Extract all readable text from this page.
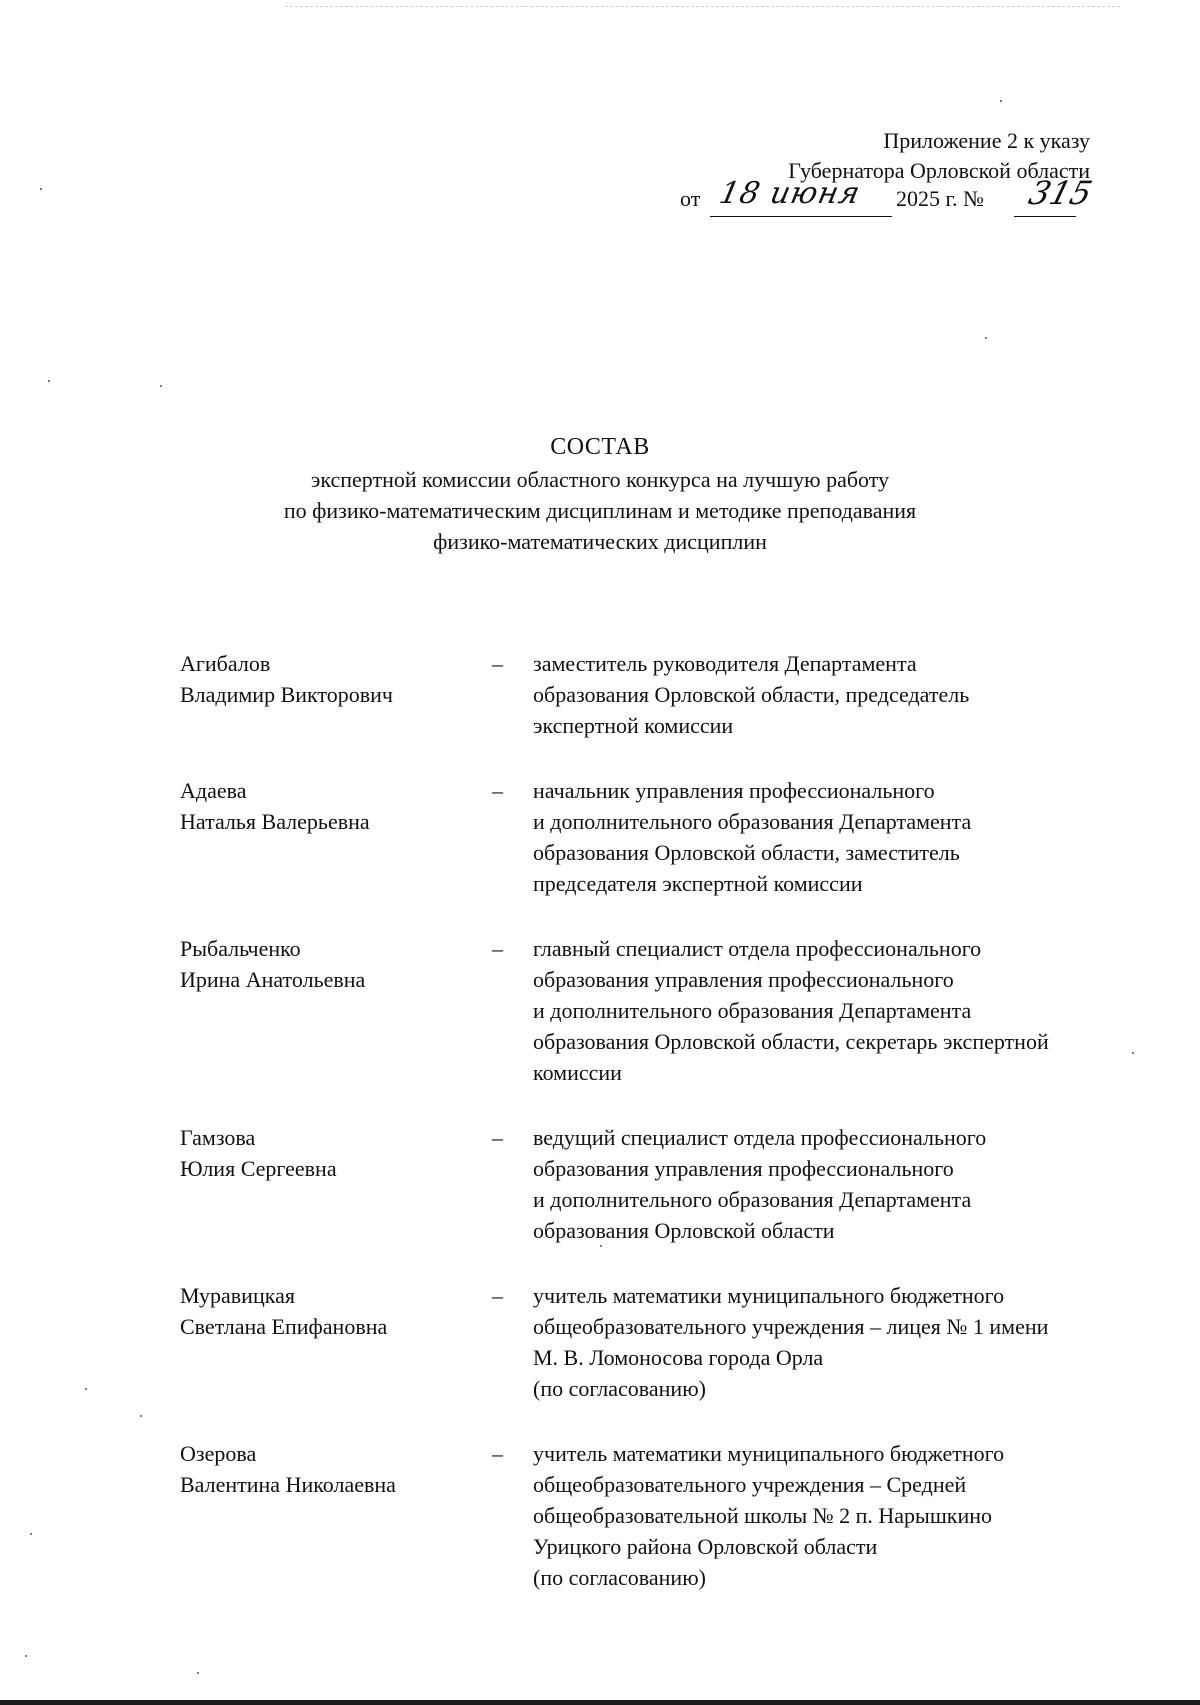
Приложение 2 к указу
Губернатора Орловской области
от 18 июня 2025 г. № 315
СОСТАВ
экспертной комиссии областного конкурса на лучшую работу
по физико-математическим дисциплинам и методике преподавания
физико-математических дисциплин
Агибалов
Владимир Викторович
– заместитель руководителя Департамента
образования Орловской области, председатель
экспертной комиссии
Адаева
Наталья Валерьевна
– начальник управления профессионального
и дополнительного образования Департамента
образования Орловской области, заместитель
председателя экспертной комиссии
Рыбальченко
Ирина Анатольевна
– главный специалист отдела профессионального
образования управления профессионального
и дополнительного образования Департамента
образования Орловской области, секретарь экспертной
комиссии
Гамзова
Юлия Сергеевна
– ведущий специалист отдела профессионального
образования управления профессионального
и дополнительного образования Департамента
образования Орловской области
Муравицкая
Светлана Епифановна
– учитель математики муниципального бюджетного
общеобразовательного учреждения – лицея № 1 имени
М. В. Ломоносова города Орла
(по согласованию)
Озерова
Валентина Николаевна
– учитель математики муниципального бюджетного
общеобразовательного учреждения – Средней
общеобразовательной школы № 2 п. Нарышкино
Урицкого района Орловской области
(по согласованию)
